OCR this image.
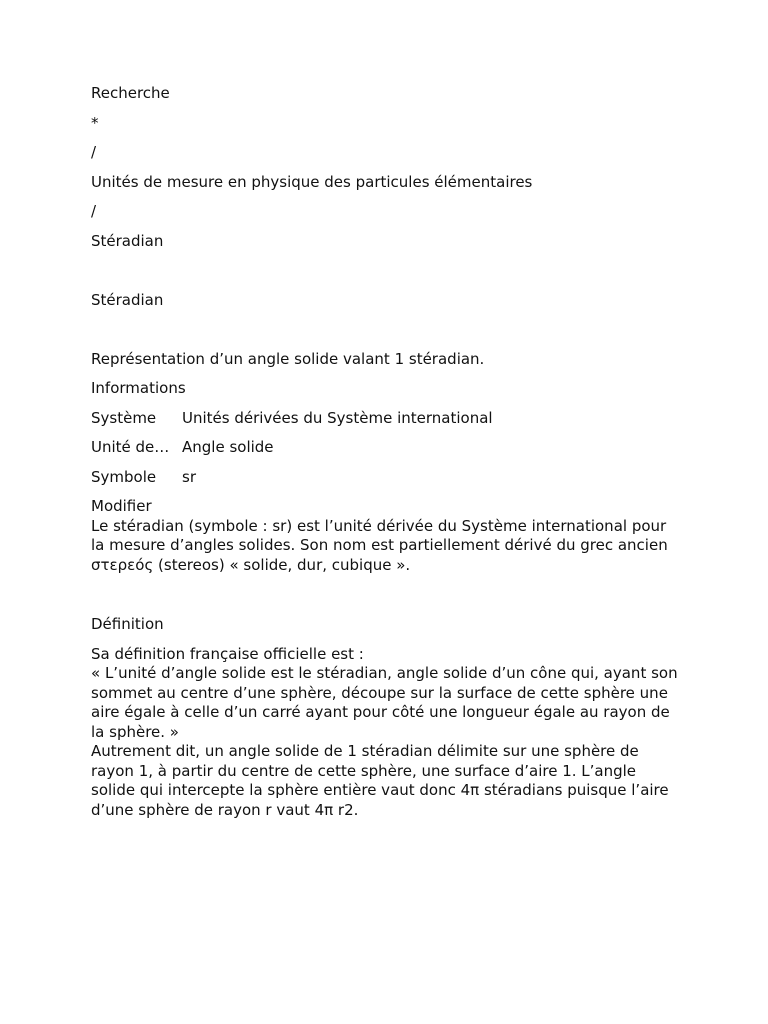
Recherche
*
/
Unités de mesure en physique des particules élémentaires
/
Stéradian
Stéradian
Représentation d’un angle solide valant 1 stéradian.
Informations
Système	Unités dérivées du Système international
Unité de… Angle solide
Symbole	sr
Modifier

Le stéradian (symbole : sr) est l’unité dérivée du Système international pour la mesure d’angles solides. Son nom est partiellement dérivé du grec ancien στερεός (stereos) « solide, dur, cubique ».

Définition
Sa définition française officielle est :

« L’unité d’angle solide est le stéradian, angle solide d’un cône qui, ayant son sommet au centre d’une sphère, découpe sur la surface de cette sphère une aire égale à celle d’un carré ayant pour côté une longueur égale au rayon de la sphère. »

Autrement dit, un angle solide de 1 stéradian délimite sur une sphère de rayon 1, à partir du centre de cette sphère, une surface d’aire 1. L’angle solide qui intercepte la sphère entière vaut donc 4π stéradians puisque l’aire d’une sphère de rayon r vaut 4π r2.
